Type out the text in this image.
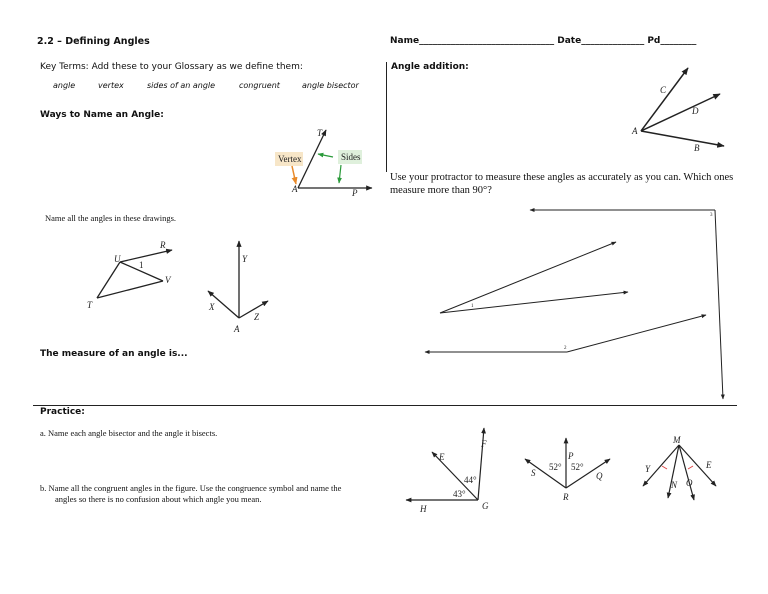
2.2 – Defining Angles	Name______________________________ Date______________ Pd________
Key Terms: Add these to your Glossary as we define them:
angle	vertex	sides of an angle	congruent	angle bisector
Ways to Name an Angle:
Angle addition:
Use your protractor to measure these angles as accurately as you can. Which ones measure more than 90°?
Name all the angles in these drawings.
The measure of an angle is...
Practice:
a. Name each angle bisector and the angle it bisects.
b. Name all the congruent angles in the figure. Use the congruence symbol and name the
angles so there is no confusion about which angle you mean.
Vertex	Sides
T
A	P
C
D
A
B
1
2
3
U
R
1
V
T
Y
X
Z
A
E
F
H	G
44°
43°
P
S	Q
R
52° 52°
M
Y	E
N O
